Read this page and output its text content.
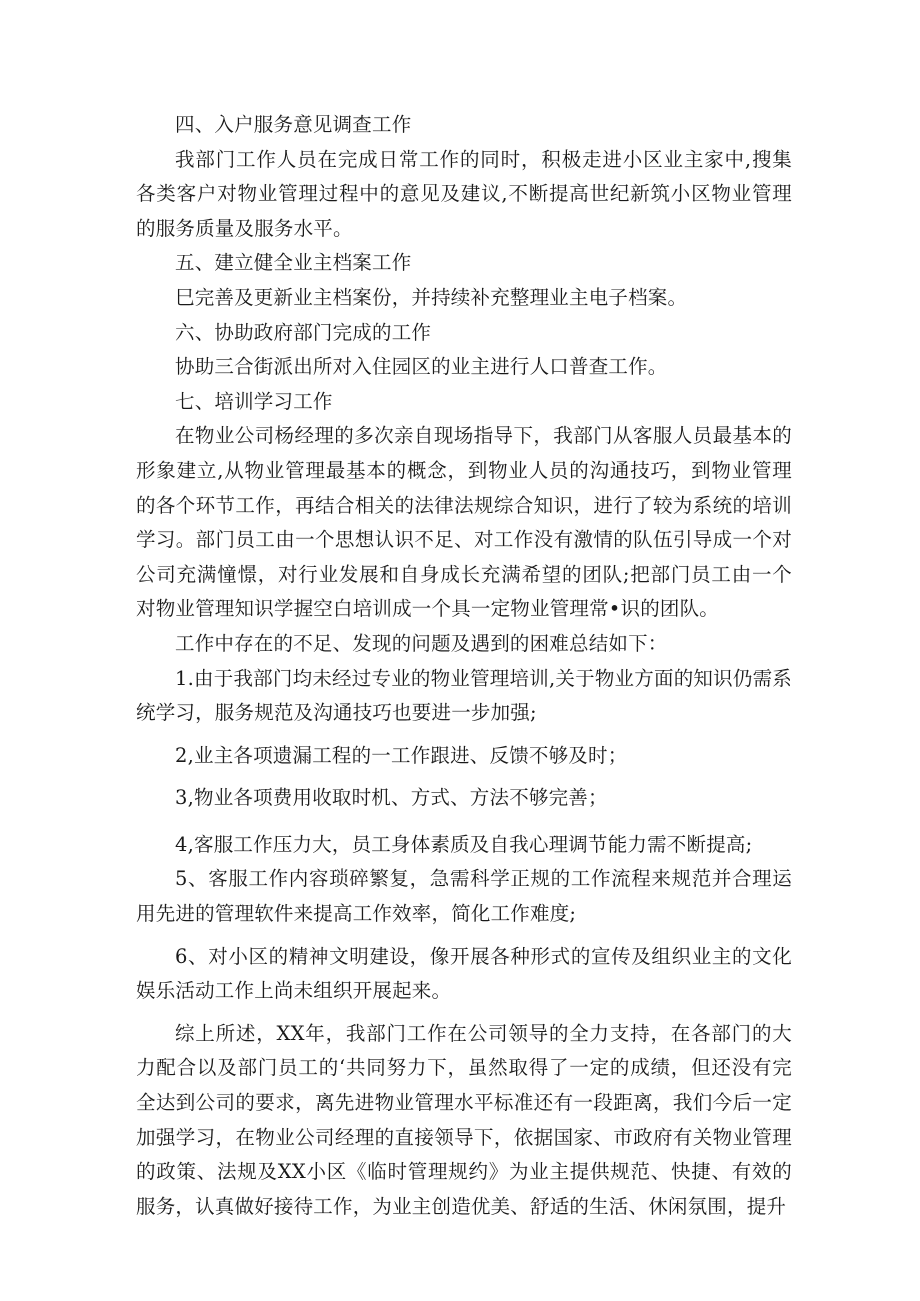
四、入户服务意见调查工作

我部门工作人员在完成日常工作的同时，积极走进小区业主家中,搜集各类客户对物业管理过程中的意见及建议,不断提高世纪新筑小区物业管理的服务质量及服务水平。

五、建立健全业主档案工作

巳完善及更新业主档案份，并持续补充整理业主电子档案。

六、协助政府部门完成的工作

协助三合街派出所对入住园区的业主进行人口普查工作。

七、培训学习工作

在物业公司杨经理的多次亲自现场指导下，我部门从客服人员最基本的形象建立,从物业管理最基本的概念，到物业人员的沟通技巧，到物业管理的各个环节工作，再结合相关的法律法规综合知识，进行了较为系统的培训学习。部门员工由一个思想认识不足、对工作没有激情的队伍引导成一个对公司充满憧憬，对行业发展和自身成长充满希望的团队;把部门员工由一个对物业管理知识学握空白培训成一个具一定物业管理常•识的团队。

工作中存在的不足、发现的问题及遇到的困难总结如下：

1.由于我部门均未经过专业的物业管理培训,关于物业方面的知识仍需系统学习，服务规范及沟通技巧也要进一步加强;

2,业主各项遗漏工程的一工作跟进、反馈不够及时；

3,物业各项费用收取时机、方式、方法不够完善；

4,客服工作压力大，员工身体素质及自我心理调节能力需不断提高;

5、客服工作内容琐碎繁复，急需科学正规的工作流程来规范并合理运用先进的管理软件来提高工作效率，简化工作难度;

6、对小区的精神文明建设，像开展各种形式的宣传及组织业主的文化娱乐活动工作上尚未组织开展起来。

综上所述，XX年，我部门工作在公司领导的全力支持，在各部门的大力配合以及部门员工的‘共同努力下，虽然取得了一定的成绩，但还没有完全达到公司的要求，离先进物业管理水平标准还有一段距离，我们今后一定加强学习，在物业公司经理的直接领导下，依据国家、市政府有关物业管理的政策、法规及XX小区《临时管理规约》为业主提供规范、快捷、有效的服务，认真做好接待工作，为业主创造优美、舒适的生活、休闲氛围，提升
